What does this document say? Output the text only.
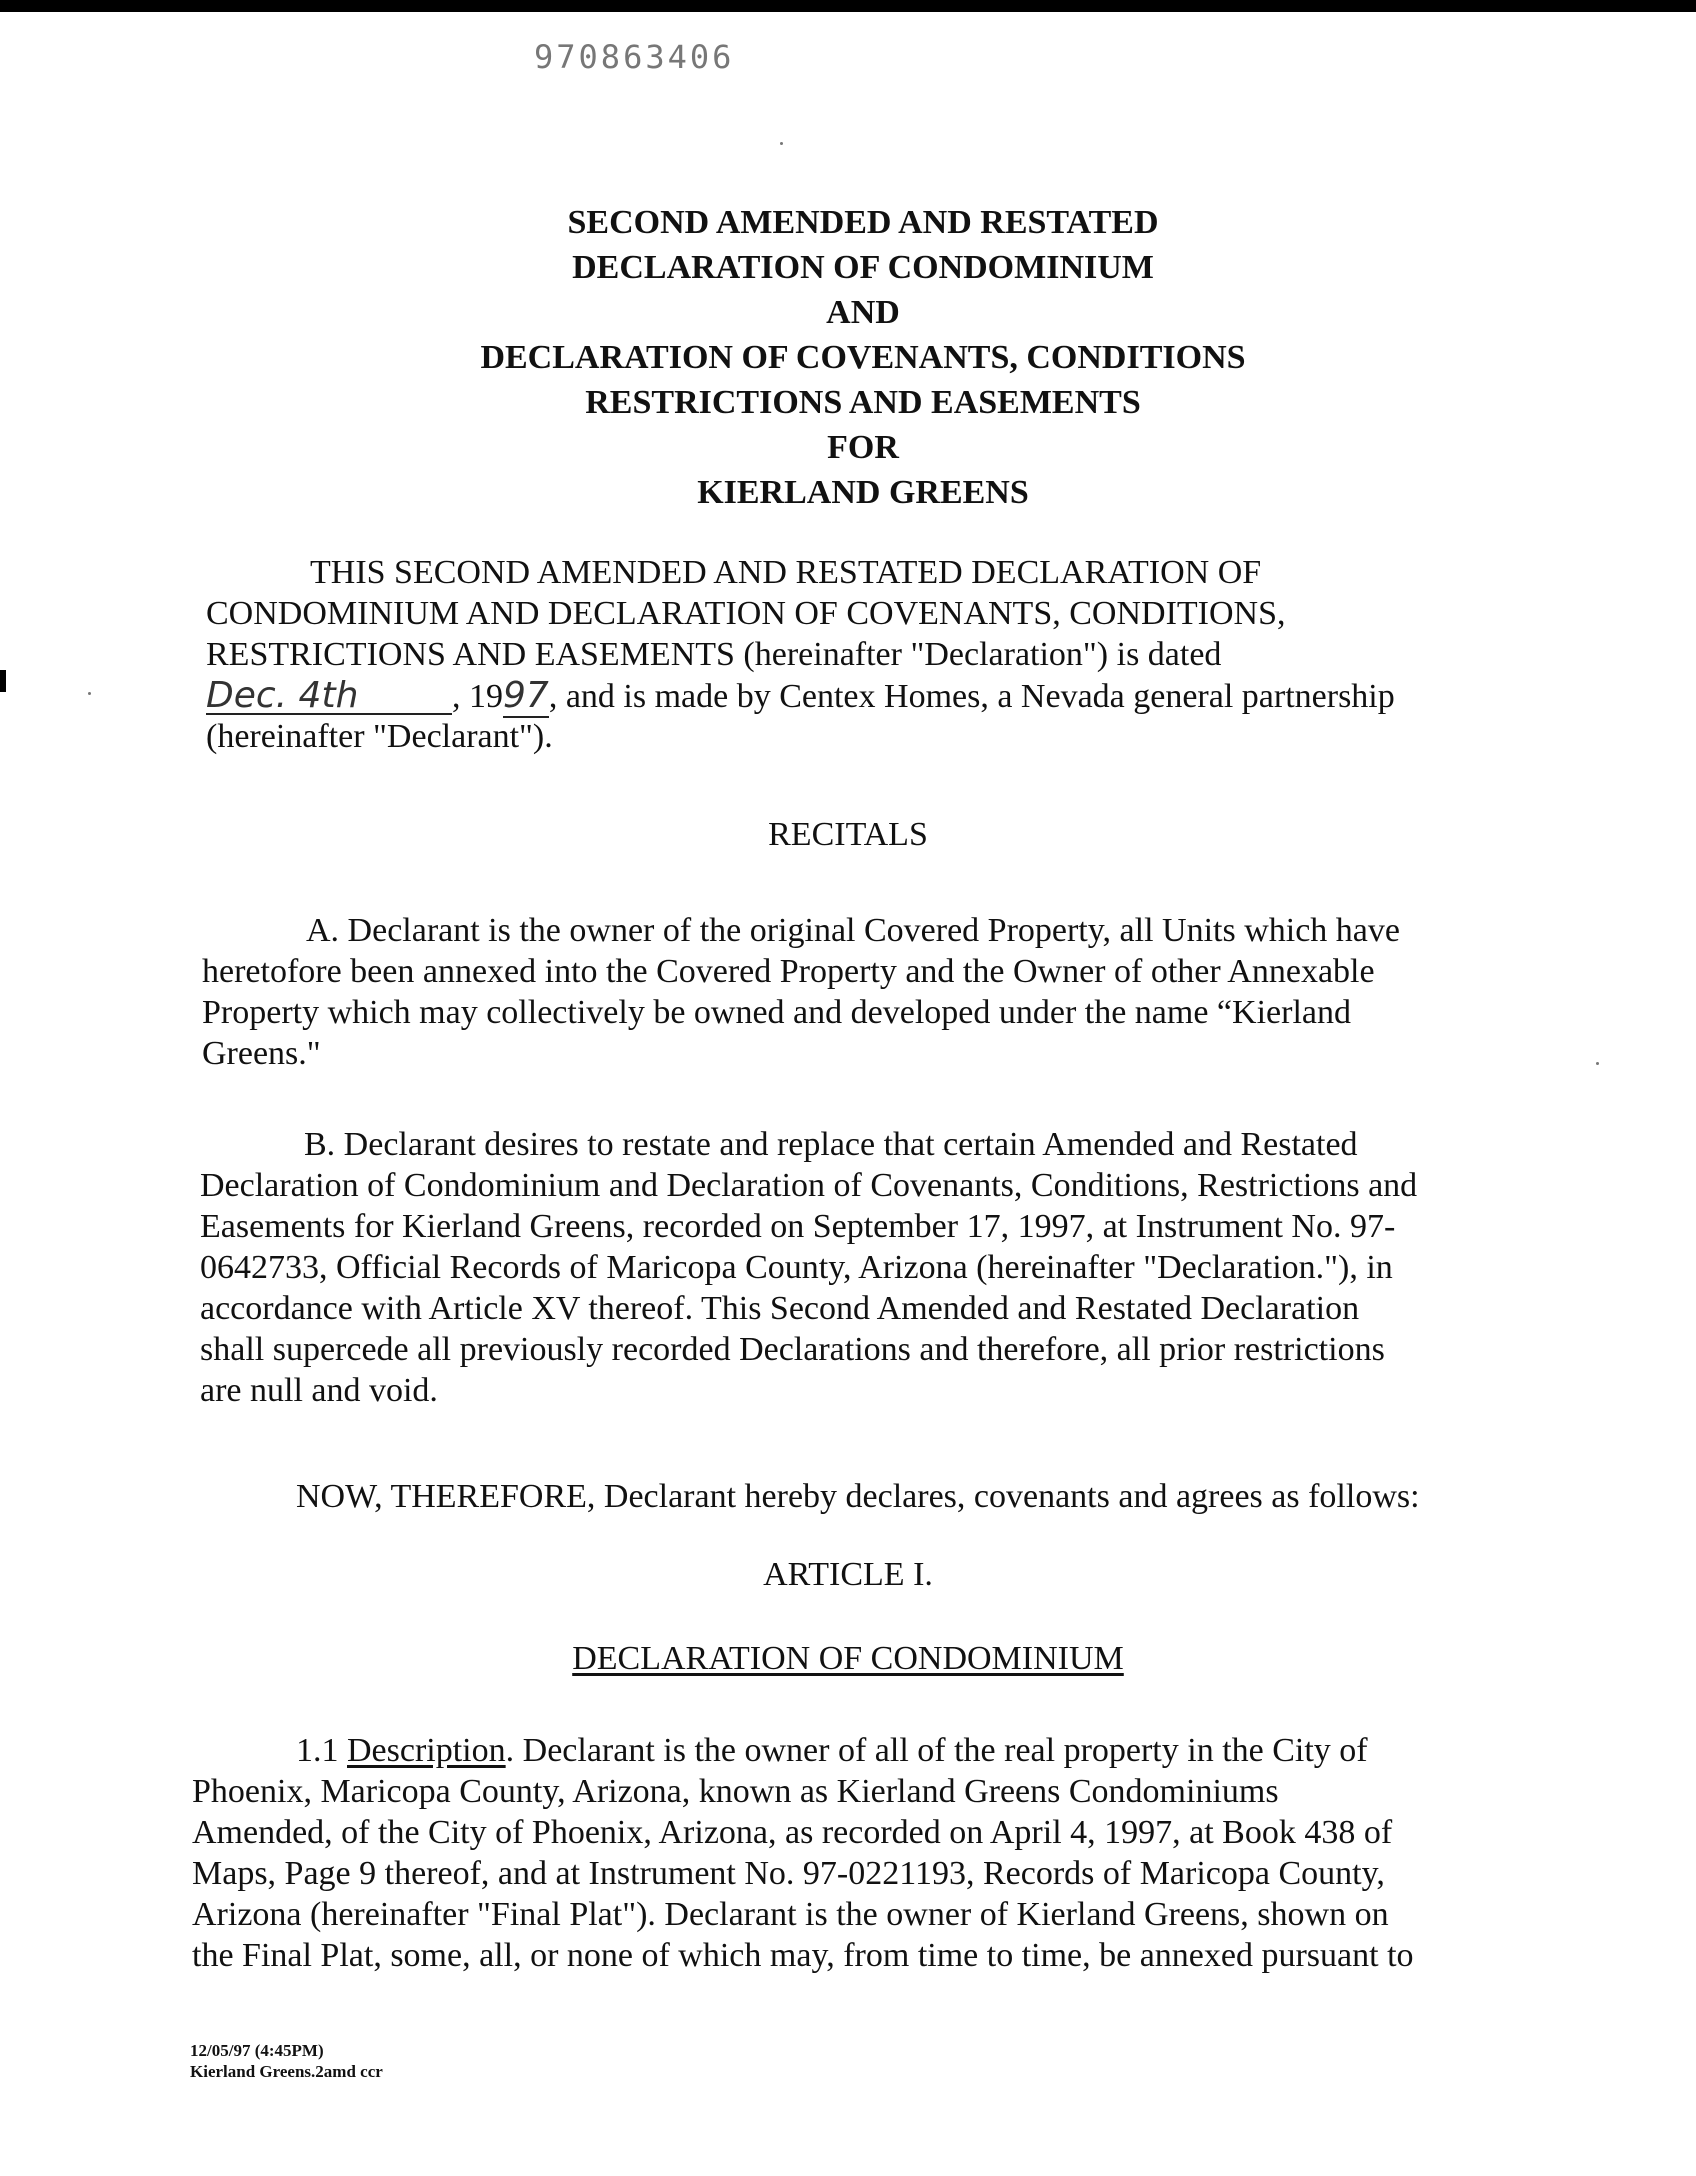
970863406
SECOND AMENDED AND RESTATED
DECLARATION OF CONDOMINIUM
AND
DECLARATION OF COVENANTS, CONDITIONS
RESTRICTIONS AND EASEMENTS
FOR
KIERLAND GREENS
THIS SECOND AMENDED AND RESTATED DECLARATION OF
CONDOMINIUM AND DECLARATION OF COVENANTS, CONDITIONS,
RESTRICTIONS AND EASEMENTS (hereinafter "Declaration") is dated
Dec. 4th	, 1997, and is made by Centex Homes, a Nevada general partnership
(hereinafter "Declarant").
RECITALS
A. Declarant is the owner of the original Covered Property, all Units which have
heretofore been annexed into the Covered Property and the Owner of other Annexable
Property which may collectively be owned and developed under the name “Kierland
Greens."
B. Declarant desires to restate and replace that certain Amended and Restated
Declaration of Condominium and Declaration of Covenants, Conditions, Restrictions and
Easements for Kierland Greens, recorded on September 17, 1997, at Instrument No. 97-
0642733, Official Records of Maricopa County, Arizona (hereinafter "Declaration."), in
accordance with Article XV thereof. This Second Amended and Restated Declaration
shall supercede all previously recorded Declarations and therefore, all prior restrictions
are null and void.
NOW, THEREFORE, Declarant hereby declares, covenants and agrees as follows:
ARTICLE I.
DECLARATION OF CONDOMINIUM
1.1 Description. Declarant is the owner of all of the real property in the City of
Phoenix, Maricopa County, Arizona, known as Kierland Greens Condominiums
Amended, of the City of Phoenix, Arizona, as recorded on April 4, 1997, at Book 438 of
Maps, Page 9 thereof, and at Instrument No. 97-0221193, Records of Maricopa County,
Arizona (hereinafter "Final Plat"). Declarant is the owner of Kierland Greens, shown on
the Final Plat, some, all, or none of which may, from time to time, be annexed pursuant to
12/05/97 (4:45PM)
Kierland Greens.2amd ccr
